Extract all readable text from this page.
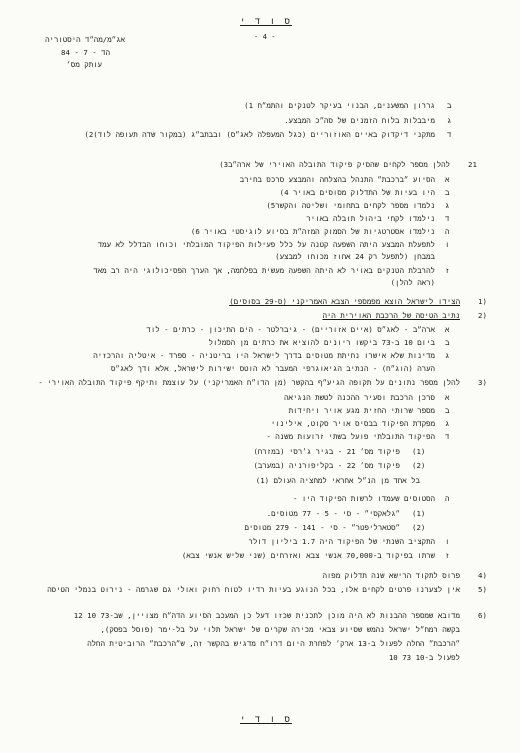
ס ו ד י
- 4 -
אג״מ/מה״ד היסטוריה
הד - 7 - 84
עותק מס׳
ב
גררון המשענים, הבנוי בעיקר לטנקים והתמ״ח 1)
ג
מיבבלות בלוח הזמנים של סה״כ המבצע.
ד
מתקני דיקדוק באיים האוזוריים (כגל המעפלה לאג״ס) ובבתב״ג (במקור שדה תעופה לוד)2)
21
להלן מספר לקחים שהסיק פיקוד התובלה האוירי של ארה״ב3)
א
הסיוע ״ברכבת״ התנהל בהצלחה והמבצע סרכס בחירב
ב
היו בעיות של התדלוק מסוסים באויר 4)
ג
נלמדו מספר לקחים בתחומי ושליטה והקשר5)
ד
נילמדו לקחי ביהול תובלה באויר
ה
נילמדו אסטרטגיות של הסמוק המזה״ת בסיוע לוגיסטי באויר 6)
ו
לתפעלת המבצע היתה השפעה קטנה על כלל פעילות הפיקוד המובלתי וכוחו הבדלל לא עמד
במבחן (לתפעל רק 24 אחוז מכוחו למבצע)
ז
להרבלת הטנקים באויר לא היתה השפעה מעשית בפלחמה, אך הערך הפסיכולוגי היה רב מאד
(ראה להלן)
1)
הצידו לישראל הוצא מפמספי הצבא האמריקני (ס-29 בסוסים)
2)
נתיב הטיסה של הרכבת האוירית היה
א
ארה״ב - לאג״ס (איים אזוריים) - גיברלטר - הים התיכון - כרתים - לוד
ב
ביום 10 ב-73 ביקשו ריונים להוציא את כרתים מן הסמלול
ג
מדינות שלא אישרו נחיתת מטוסים בדרך לישראל היו בריטניה - ספרד - איטליה והרכזיה
הערה (הוג״ח) - הנתיב הגיאוגרפי המעבר לא הוטס ישירות לישראל, אלא ודך לאג״ס
3)
להלן מספר נתונים על תקופה הגיע״ף בהקשר (מן הדו״ח האמריקני) על עוצמת ותיקף פיקוד התובלה האוירי -
א
סרכן הרכבת וסעיר ההכנה לטשת הנגיאה
ב
מספר שרותי החזית מגע אויר ויחידות
ג
מפקדת הפיקוד בבסיס אויר סקוט, אילינוי
ד
הפיקוד התובלתי פועל בשתי זרועות משנה -
(1)
פיקוד מס׳ 21 - בגיר ג׳רסי (במזרח)
(2)
פיקוד מס׳ 22 - בקליפורניה (במערב)
בל אחד מן הנ״ל אחראי למחציה העולם (1)
ה
הסטוסים שעמדו לרשות הפיקוד היו -
(1)
״גלאקסי״ - סי - 5 - 77 מטוסים.
(2)
״סטארליפטר״ - סי - 141 - 279 מטוסים
ו
התקציב השנתי של הפיקוד היה 1.7 ביליון דולר
ז
שרתו בפיקוד ב-70,000 אנשי צבא ואזרחים (שני שליש אנשי צבא)
4)
פרוס לתקוד הרישא שנה תדלוק מפוה
5)
אין לצערנו פרטים לקחים אלו, בכל הנוגע בעיות רדיו לטוח רחוק ואולי גם שגרמה - נירוט בנמלי הטיסה
6)
מדובא שמספר ההבנות לא היה מוכן לתכנית שכזו דעל כן המעכב הסיוע הדה״ח מצויין, שב-73 10 12
בקשה רמח״ל ישראל נהמש שסיוע צבאי מכירה שקרים של ישראל תלוי על בל-ימר (פוסל בפסק),
״הרכבת״ החלה לפעול ב-13 ארק׳ לפחרת היום דרו״ח מדגיש בהקשר זה, ש״הרכבת״ הרוביטית החלה
לפעול ב-10 73 10
ס ו ד י
